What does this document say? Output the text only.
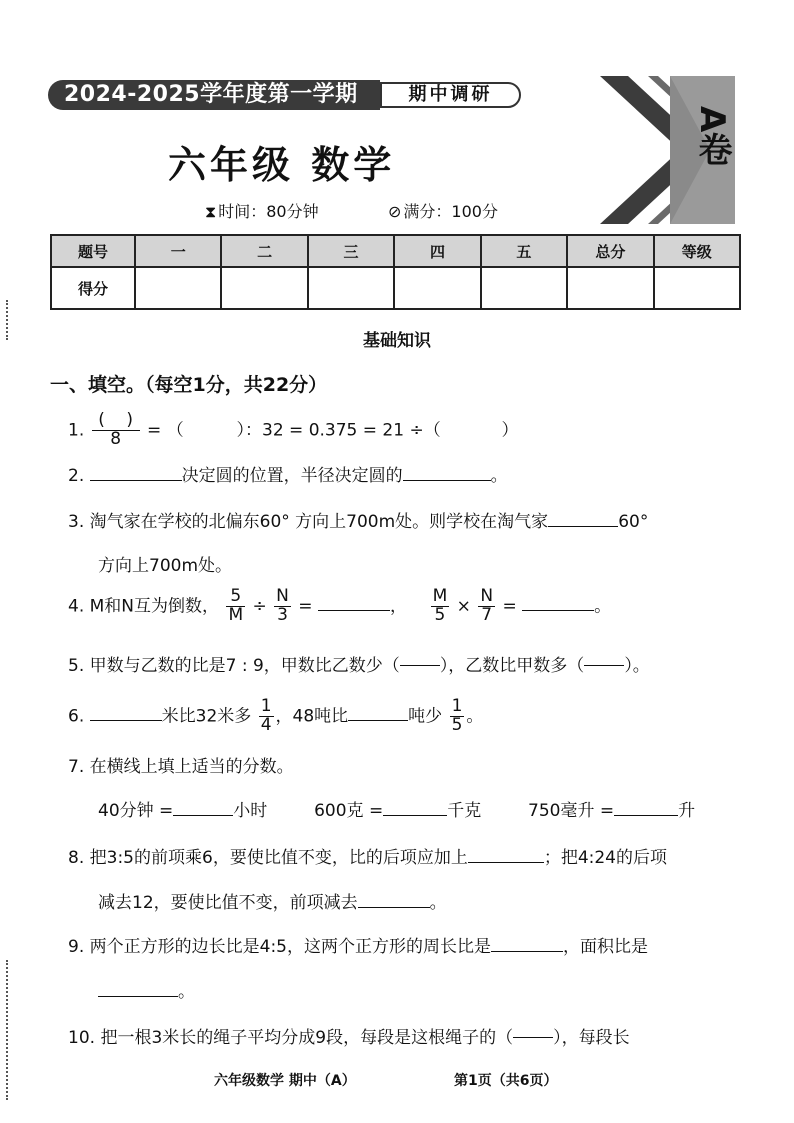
2024-2025学年度第一学期	期中调研
A卷
六年级 数学
⧗ 时间：80分钟	⊘ 满分：100分
题号	一	二	三	四	五	总分	等级
得分							
基础知识
一、填空。（每空1分，共22分）
1. $\frac{( )}{8}$ = （	）：32 = 0.375 = 21 ÷（	）
2.	决定圆的位置，半径决定圆的	。
3. 淘气家在学校的北偏东60° 方向上700m处。则学校在淘气家	60°
方向上700m处。
4. M和N互为倒数， $\frac{5}{M} \div \frac{N}{3}$ =	， $\frac{M}{5} \times \frac{N}{7}$ =	。
5. 甲数与乙数的比是7 : 9，甲数比乙数少（ ），乙数比甲数多（ ）。
6.	米比32米多 $\frac{1}{4}$ ，48吨比	吨少 $\frac{1}{5}$ 。
7. 在横线上填上适当的分数。
40分钟 =	小时	600克 =	千克	750毫升 =	升
8. 把3:5的前项乘6，要使比值不变，比的后项应加上	；把4:24的后项
减去12，要使比值不变，前项减去	。
9. 两个正方形的边长比是4:5，这两个正方形的周长比是	，面积比是
。
10. 把一根3米长的绳子平均分成9段，每段是这根绳子的（ ），每段长
六年级数学 期中（A）	第1页（共6页）
